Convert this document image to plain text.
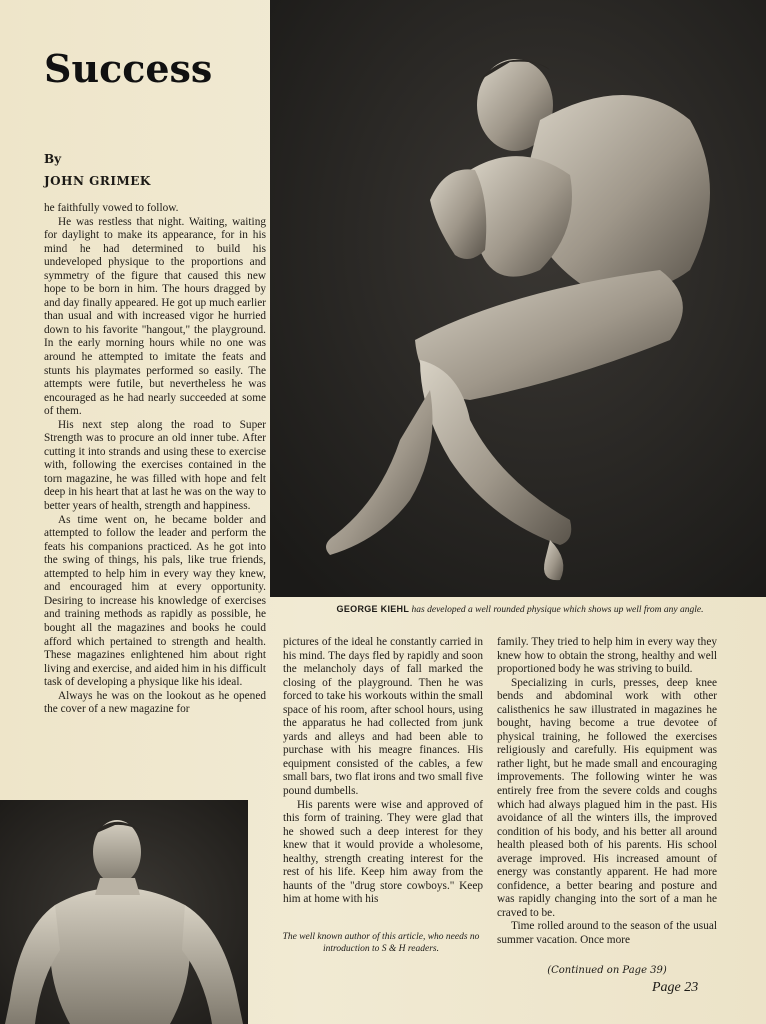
Success
By
JOHN GRIMEK

he faithfully vowed to follow.

He was restless that night. Waiting, waiting for daylight to make its appearance, for in his mind he had determined to build his undeveloped physique to the proportions and symmetry of the figure that caused this new hope to be born in him. The hours dragged by and day finally appeared. He got up much earlier than usual and with increased vigor he hurried down to his favorite "hangout," the playground. In the early morning hours while no one was around he attempted to imitate the feats and stunts his playmates performed so easily. The attempts were futile, but nevertheless he was encouraged as he had nearly succeeded at some of them.

His next step along the road to Super Strength was to procure an old inner tube. After cutting it into strands and using these to exercise with, following the exercises contained in the torn magazine, he was filled with hope and felt deep in his heart that at last he was on the way to better years of health, strength and happiness.

As time went on, he became bolder and attempted to follow the leader and perform the feats his companions practiced. As he got into the swing of things, his pals, like true friends, attempted to help him in every way they knew, and encouraged him at every opportunity. Desiring to increase his knowledge of exercises and training methods as rapidly as possible, he bought all the magazines and books he could afford which pertained to strength and health. These magazines enlightened him about right living and exercise, and aided him in his difficult task of developing a physique like his ideal.

Always he was on the lookout as he opened the cover of a new magazine for

GEORGE KIEHL has developed a well rounded physique which shows up well from any angle.

pictures of the ideal he constantly carried in his mind. The days fled by rapidly and soon the melancholy days of fall marked the closing of the playground. Then he was forced to take his workouts within the small space of his room, after school hours, using the apparatus he had collected from junk yards and alleys and had been able to purchase with his meagre finances. His equipment consisted of the cables, a few small bars, two flat irons and two small five pound dumbells.

His parents were wise and approved of this form of training. They were glad that he showed such a deep interest for they knew that it would provide a wholesome, healthy, strength creating interest for the rest of his life. Keep him away from the haunts of the "drug store cowboys." Keep him at home with his

family. They tried to help him in every way they knew how to obtain the strong, healthy and well proportioned body he was striving to build.

Specializing in curls, presses, deep knee bends and abdominal work with other calisthenics he saw illustrated in magazines he bought, having become a true devotee of physical training, he followed the exercises religiously and carefully. His equipment was rather light, but he made small and encouraging improvements. The following winter he was entirely free from the severe colds and coughs which had always plagued him in the past. His avoidance of all the winters ills, the improved condition of his body, and his better all around health pleased both of his parents. His school average improved. His increased amount of energy was constantly apparent. He had more confidence, a better bearing and posture and was rapidly changing into the sort of a man he craved to be.

Time rolled around to the season of the usual summer vacation. Once more

The well known author of this article, who needs no introduction to S & H readers.
(Continued on Page 39)
Page 23
